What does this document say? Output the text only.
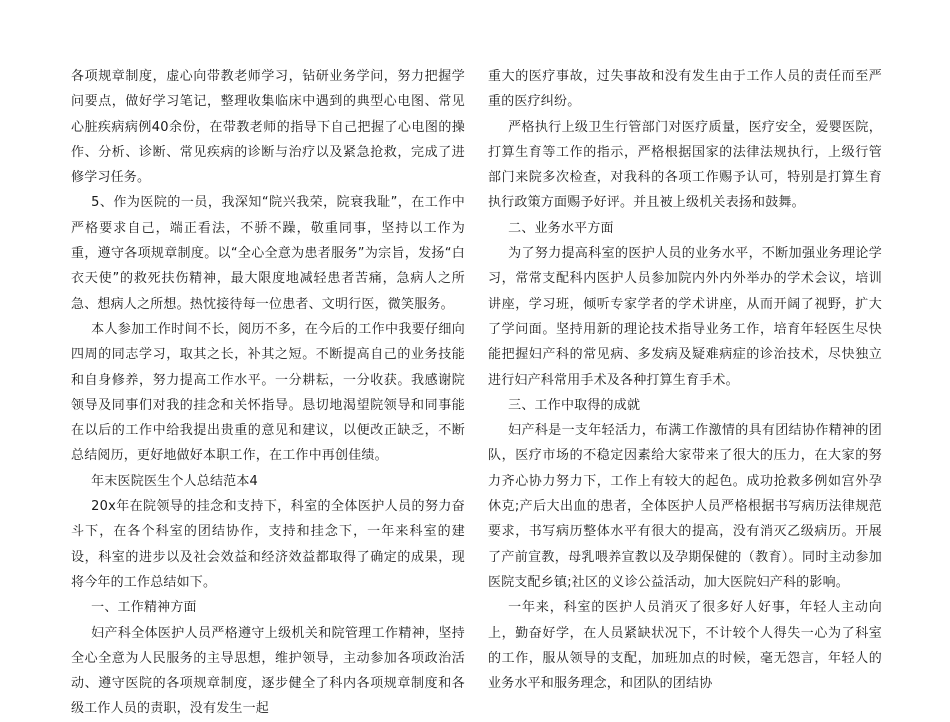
各项规章制度，虚心向带教老师学习，钻研业务学问，努力把握学问要点，做好学习笔记，整理收集临床中遇到的典型心电图、常见心脏疾病病例40余份，在带教老师的指导下自己把握了心电图的操作、分析、诊断、常见疾病的诊断与治疗以及紧急抢救，完成了进修学习任务。

5、作为医院的一员，我深知“院兴我荣，院衰我耻”，在工作中严格要求自己，端正看法，不骄不躁，敬重同事，坚持以工作为重，遵守各项规章制度。以“全心全意为患者服务”为宗旨，发扬“白衣天使”的救死扶伤精神，最大限度地减轻患者苦痛，急病人之所急、想病人之所想。热忱接待每一位患者、文明行医，微笑服务。

本人参加工作时间不长，阅历不多，在今后的工作中我要仔细向四周的同志学习，取其之长，补其之短。不断提高自己的业务技能和自身修养，努力提高工作水平。一分耕耘，一分收获。我感谢院领导及同事们对我的挂念和关怀指导。恳切地渴望院领导和同事能在以后的工作中给我提出贵重的意见和建议，以便改正缺乏，不断总结阅历，更好地做好本职工作，在工作中再创佳绩。

年末医院医生个人总结范本4

20x年在院领导的挂念和支持下，科室的全体医护人员的努力奋斗下，在各个科室的团结协作，支持和挂念下，一年来科室的建设，科室的进步以及社会效益和经济效益都取得了确定的成果，现将今年的工作总结如下。

一、工作精神方面

妇产科全体医护人员严格遵守上级机关和院管理工作精神，坚持全心全意为人民服务的主导思想，维护领导，主动参加各项政治活动、遵守医院的各项规章制度，逐步健全了科内各项规章制度和各级工作人员的责职，没有发生一起

重大的医疗事故，过失事故和没有发生由于工作人员的责任而至严重的医疗纠纷。

严格执行上级卫生行管部门对医疗质量，医疗安全，爱婴医院，打算生育等工作的指示，严格根据国家的法律法规执行，上级行管部门来院多次检查，对我科的各项工作赐予认可，特别是打算生育执行政策方面赐予好评。并且被上级机关表扬和鼓舞。

二、业务水平方面

为了努力提高科室的医护人员的业务水平，不断加强业务理论学习，常常支配科内医护人员参加院内外内外举办的学术会议，培训讲座，学习班，倾听专家学者的学术讲座，从而开阔了视野，扩大了学问面。坚持用新的理论技术指导业务工作，培育年轻医生尽快能把握妇产科的常见病、多发病及疑难病症的诊治技术，尽快独立进行妇产科常用手术及各种打算生育手术。

三、工作中取得的成就

妇产科是一支年轻活力，布满工作激情的具有团结协作精神的团队，医疗市场的不稳定因素给大家带来了很大的压力，在大家的努力齐心协力努力下，工作上有较大的起色。成功抢救多例如宫外孕休克;产后大出血的患者，全体医护人员严格根据书写病历法律规范要求，书写病历整体水平有很大的提高，没有消灭乙级病历。开展了产前宣教，母乳喂养宣教以及孕期保健的（教育）。同时主动参加医院支配乡镇;社区的义诊公益活动，加大医院妇产科的影响。

一年来，科室的医护人员消灭了很多好人好事，年轻人主动向上，勤奋好学，在人员紧缺状况下，不计较个人得失一心为了科室的工作，服从领导的支配，加班加点的时候，毫无怨言，年轻人的业务水平和服务理念，和团队的团结协
